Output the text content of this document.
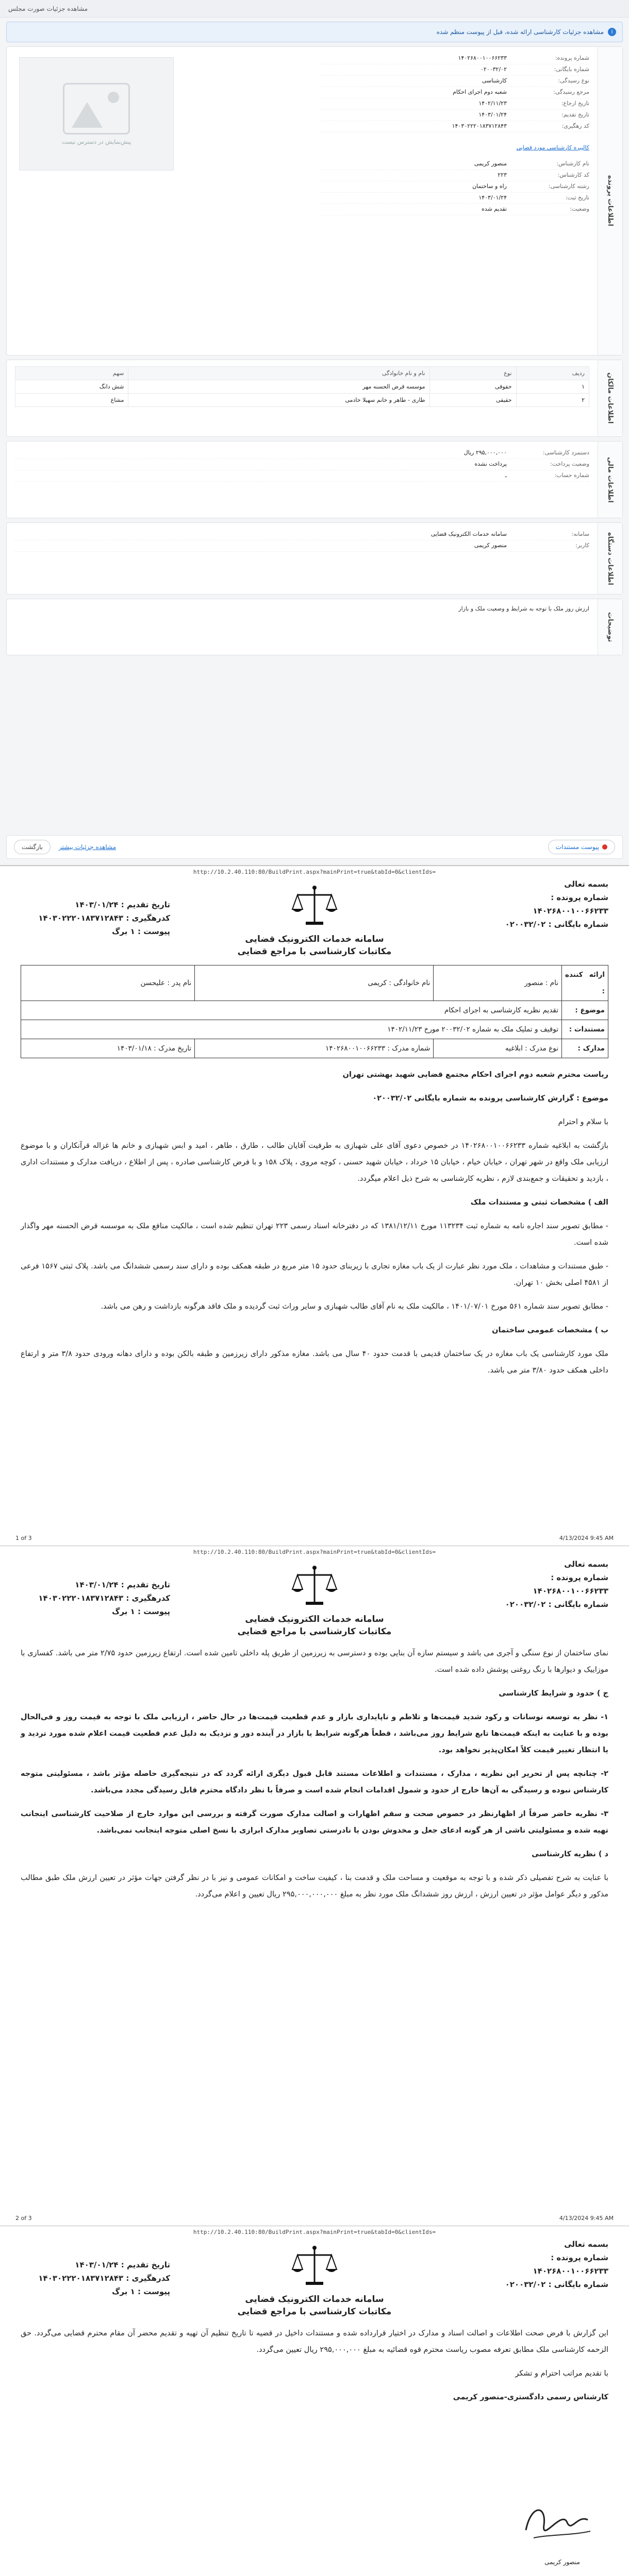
مشاهده جزئیات صورت مجلس
i
مشاهده جزئیات کارشناسی ارائه شده، قبل از پیوست منظم شده
اطلاعات پرونده
شماره پرونده:
۱۴۰۲۶۸۰۰۱۰۰۶۶۲۳۳
شماره بایگانی:
۰۲۰۰۳۲/۰۲
نوع رسیدگی:
کارشناسی
مرجع رسیدگی:
شعبه دوم اجرای احکام
تاریخ ارجاع:
۱۴۰۲/۱۱/۲۳
تاریخ تقدیم:
۱۴۰۳/۰۱/۲۴
کد رهگیری:
۱۴۰۳۰۲۲۲۰۱۸۳۷۱۲۸۴۳
کالیبره کارشناسی مورد قضایی
نام کارشناس:
منصور کریمی
کد کارشناس:
۲۲۳
رشته کارشناسی:
راه و ساختمان
تاریخ ثبت:
۱۴۰۳/۰۱/۲۴
وضعیت:
تقدیم شده
پیش‌نمایش در دسترس نیست
اطلاعات مالکان
ردیف	نوع	نام و نام خانوادگی	سهم
۱	حقوقی	موسسه قرض الحسنه مهر	شش دانگ
۲	حقیقی	طاری - طاهر و خانم سهیلا خادمی	مشاع
اطلاعات مالی
دستمزد کارشناسی:
۲۹۵,۰۰۰,۰۰۰ ریال
وضعیت پرداخت:
پرداخت نشده
شماره حساب:
ـ
اطلاعات دستگاه
سامانه:
سامانه خدمات الکترونیک قضایی
کاربر:
منصور کریمی
توضیحات
ارزش روز ملک با توجه به شرایط و وضعیت ملک و بازار
پیوست مستندات
مشاهده جزئیات بیشتر
بازگشت
http://10.2.40.110:80/BuildPrint.aspx?mainPrint=true&tabId=0&clientIds=
بسمه تعالی
شماره پرونده : ۱۴۰۲۶۸۰۰۱۰۰۶۶۲۳۳
شماره بایگانی : ۰۲۰۰۳۲/۰۲
سامانه خدمات الکترونیک قضایی
مکاتبات کارشناسی با مراجع قضایی
تاریخ تقدیم : ۱۴۰۳/۰۱/۲۴
کدرهگیری : ۱۴۰۳۰۲۲۲۰۱۸۳۷۱۲۸۴۳
پیوست : ۱ برگ
ارائه کننده :	نام : منصور	نام خانوادگی : کریمی	نام پدر : علیحسن
موضوع :	تقدیم نظریه کارشناسی به اجرای احکام		
مستندات :	توقیف و تملیک ملک به شماره ۲۰۰۳۲/۰۲ مورخ ۱۴۰۲/۱۱/۲۳		
مدارک :	نوع مدرک : ابلاغیه	شماره مدرک : ۱۴۰۲۶۸۰۰۱۰۰۶۶۲۳۳	تاریخ مدرک : ۱۴۰۳/۰۱/۱۸

ریاست محترم شعبه دوم اجرای احکام مجتمع قضایی شهید بهشتی تهران

موضوع : گزارش کارشناسی پرونده به شماره بایگانی ۰۲۰۰۳۲/۰۲

با سلام و احترام

بازگشت به ابلاغیه شماره ۱۴۰۲۶۸۰۰۱۰۰۶۶۲۳۳ در خصوص دعوی آقای علی شهبازی به طرفیت آقایان طالب ، طارق ، طاهر ، امید و ابس شهبازی و خانم ها غزاله قرآنکاران و با موضوع ارزیابی ملک واقع در شهر تهران ، خیابان خیام ، خیابان ۱۵ خرداد ، خیابان شهید حسنی ، کوچه مروی ، پلاک ۱۵۸ و با فرض کارشناسی صادره ، پس از اطلاع ، دریافت مدارک و مستندات اداری ، بازدید و تحقیقات و جمع‌بندی لازم ، نظریه کارشناسی به شرح ذیل اعلام میگردد.

الف ) مشخصات ثبتی و مستندات ملک

- مطابق تصویر سند اجاره نامه به شماره ثبت ۱۱۳۲۳۴ مورخ ۱۳۸۱/۱۲/۱۱ که در دفترخانه اسناد رسمی ۲۲۳ تهران تنظیم شده است ، مالکیت منافع ملک به موسسه قرض الحسنه مهر واگذار شده است.

- طبق مستندات و مشاهدات ، ملک مورد نظر عبارت از یک باب مغازه تجاری با زیربنای حدود ۱۵ متر مربع در طبقه همکف بوده و دارای سند رسمی ششدانگ می باشد. پلاک ثبتی ۱۵۶۷ فرعی از ۴۵۸۱ اصلی بخش ۱۰ تهران.

- مطابق تصویر سند شماره ۵۶۱ مورخ ۱۴۰۱/۰۷/۰۱ ، مالکیت ملک به نام آقای طالب شهبازی و سایر وراث ثبت گردیده و ملک فاقد هرگونه بازداشت و رهن می باشد.

ب ) مشخصات عمومی ساختمان

ملک مورد کارشناسی یک باب مغازه در یک ساختمان قدیمی با قدمت حدود ۴۰ سال می باشد. مغازه مذکور دارای زیرزمین و طبقه بالکن بوده و دارای دهانه ورودی حدود ۳/۸ متر و ارتفاع داخلی همکف حدود ۳/۸۰ متر می باشد.

1 of 3	4/13/2024 9:45 AM
http://10.2.40.110:80/BuildPrint.aspx?mainPrint=true&tabId=0&clientIds=
بسمه تعالی
شماره پرونده : ۱۴۰۲۶۸۰۰۱۰۰۶۶۲۳۳
شماره بایگانی : ۰۲۰۰۳۲/۰۲
سامانه خدمات الکترونیک قضایی
مکاتبات کارشناسی با مراجع قضایی
تاریخ تقدیم : ۱۴۰۳/۰۱/۲۴
کدرهگیری : ۱۴۰۳۰۲۲۲۰۱۸۳۷۱۲۸۴۳
پیوست : ۱ برگ

نمای ساختمان از نوع سنگی و آجری می باشد و سیستم سازه آن بنایی بوده و دسترسی به زیرزمین از طریق پله داخلی تامین شده است. ارتفاع زیرزمین حدود ۲/۷۵ متر می باشد. کفسازی با موزاییک و دیوارها با رنگ روغنی پوشش داده شده است.

ج ) حدود و شرایط کارشناسی

۱- نظر به توسعه نوسانات و رکود شدید قیمت‌ها و تلاطم و ناپایداری بازار و عدم قطعیت قیمت‌ها در حال حاضر ، ارزیابی ملک با توجه به قیمت روز و فی‌الحال بوده و با عنایت به اینکه قیمت‌ها تابع شرایط روز می‌باشد ، قطعاً هرگونه شرایط یا بازار در آینده دور و نزدیک به دلیل عدم قطعیت قیمت اعلام شده مورد تردید و یا انتظار تغییر قیمت کلاً امکان‌پذیر نخواهد بود.

۲- چنانچه پس از تحریر این نظریه ، مدارک ، مستندات و اطلاعات مستند قابل قبول دیگری ارائه گردد که در نتیجه‌گیری حاصله مؤثر باشد ، مسئولیتی متوجه کارشناس نبوده و رسیدگی به آن‌ها خارج از حدود و شمول اقدامات انجام شده است و صرفاً با نظر دادگاه محترم قابل رسیدگی مجدد می‌باشد.

۳- نظریه حاضر صرفاً از اظهارنظر در خصوص صحت و سقم اظهارات و اصالت مدارک صورت گرفته و بررسی این موارد خارج از صلاحیت کارشناسی اینجانب تهیه شده و مسئولیتی ناشی از هر گونه ادعای جعل و مخدوش بودن یا نادرستی تصاویر مدارک ابرازی با نسخ اصلی متوجه اینجانب نمی‌باشد.

د ) نظریه کارشناسی

با عنایت به شرح تفصیلی ذکر شده و با توجه به موقعیت و مساحت ملک و قدمت بنا ، کیفیت ساخت و امکانات عمومی و نیز با در نظر گرفتن جهات مؤثر در تعیین ارزش ملک طبق مطالب مذکور و دیگر عوامل مؤثر در تعیین ارزش ، ارزش روز ششدانگ ملک مورد نظر به مبلغ ۲۹۵,۰۰۰,۰۰۰,۰۰۰ ریال تعیین و اعلام می‌گردد.

2 of 3	4/13/2024 9:45 AM
http://10.2.40.110:80/BuildPrint.aspx?mainPrint=true&tabId=0&clientIds=
بسمه تعالی
شماره پرونده : ۱۴۰۲۶۸۰۰۱۰۰۶۶۲۳۳
شماره بایگانی : ۰۲۰۰۳۲/۰۲
سامانه خدمات الکترونیک قضایی
مکاتبات کارشناسی با مراجع قضایی
تاریخ تقدیم : ۱۴۰۳/۰۱/۲۴
کدرهگیری : ۱۴۰۳۰۲۲۲۰۱۸۳۷۱۲۸۴۳
پیوست : ۱ برگ

این گزارش با فرض صحت اطلاعات و اصالت اسناد و مدارک در اختیار قرارداده شده و مستندات داخیل در قضیه تا تاریخ تنظیم آن تهیه و تقدیم محضر آن مقام محترم قضایی می‌گردد. حق الزحمه کارشناسی ملک مطابق تعرفه مصوب ریاست محترم قوه قضائیه به مبلغ ۲۹۵,۰۰۰,۰۰۰ ریال تعیین می‌گردد.

با تقدیم مراتب احترام و تشکر

کارشناس رسمی دادگستری-منصور کریمی

منصور کریمی
